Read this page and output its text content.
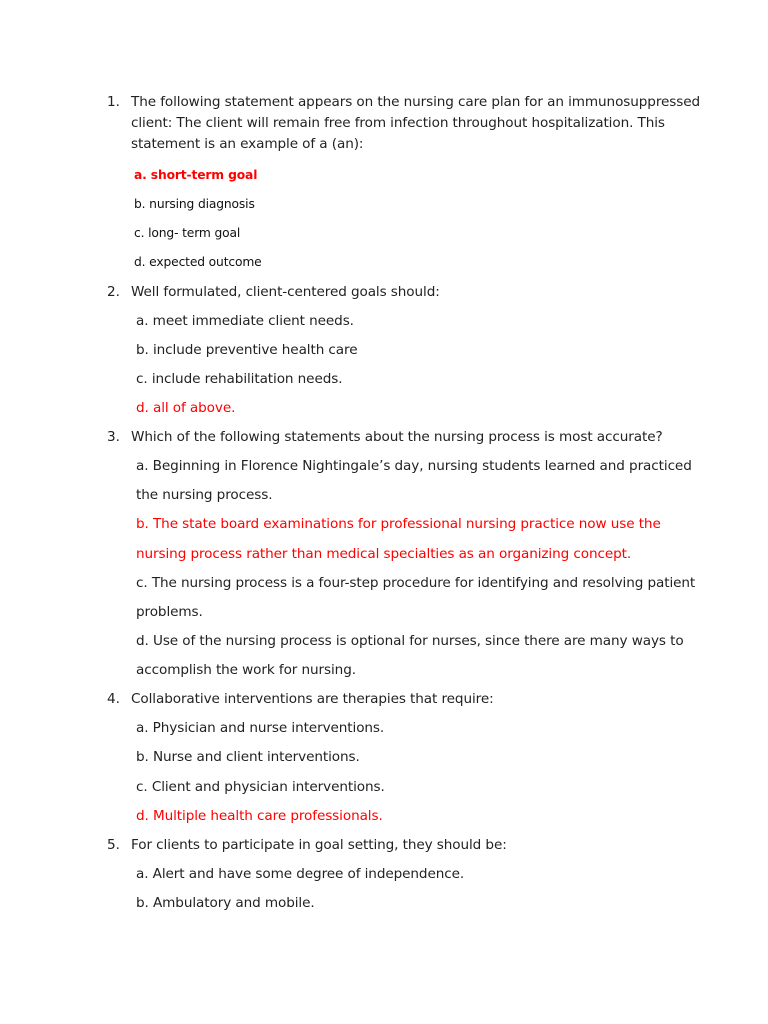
1. The following statement appears on the nursing care plan for an immunosuppressed
client: The client will remain free from infection throughout hospitalization. This
statement is an example of a (an):
a. short-term goal
b. nursing diagnosis
c. long- term goal
d. expected outcome
2. Well formulated, client-centered goals should:
a. meet immediate client needs.
b. include preventive health care
c. include rehabilitation needs.
d. all of above.
3. Which of the following statements about the nursing process is most accurate?
a. Beginning in Florence Nightingale’s day, nursing students learned and practiced
the nursing process.
b. The state board examinations for professional nursing practice now use the
nursing process rather than medical specialties as an organizing concept.
c. The nursing process is a four-step procedure for identifying and resolving patient
problems.
d. Use of the nursing process is optional for nurses, since there are many ways to
accomplish the work for nursing.
4. Collaborative interventions are therapies that require:
a. Physician and nurse interventions.
b. Nurse and client interventions.
c. Client and physician interventions.
d. Multiple health care professionals.
5. For clients to participate in goal setting, they should be:
a. Alert and have some degree of independence.
b. Ambulatory and mobile.
